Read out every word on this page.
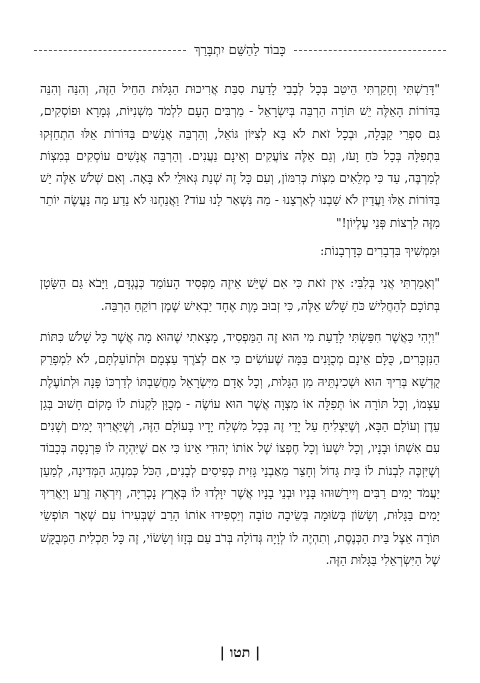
כָּבוֹד לַהַשֵּׁם יִתְבָּרַךְ

"דָּרַשְׁתִּי וְחָקַרְתִּי הֵיטֵב בְּכָל לְבָבִי לָדַעַת סִבַּת אֲרִיכוּת הַגָּלוּת הַחֵיל הַזֶּה, וְהִנֵּה וְהִנֵּה בַּדּוֹרוֹת הָאֵלֶּה יֵשׁ תּוֹרָה הַרְבֵּה בְּיִשְׂרָאֵל - מַרְבִּים הָעָם לִלְמֹד מִשְׁנִיּוֹת, גְּמָרָא וּפוֹסְקִים, גַּם סִפְרֵי קַבָּלָה, וּבְכָל זֹאת לֹא בָּא לְצִיּוֹן גּוֹאֵל, וְהַרְבֵּה אֲנָשִׁים בַּדּוֹרוֹת אֵלּוּ הִתְחַזְּקוּ בִּתְפִלָּה בְּכָל כֹּחַ וָעֹז, וְגַם אֵלֶּה צוֹעֲקִים וְאֵינָם נַעֲנִים. וְהַרְבֵּה אֲנָשִׁים עוֹסְקִים בְּמִצְוֹת לְמַרְבֶּה, עַד כִּי מְלֵאִים מִצְוֹת כְּרִמּוֹן, וְעִם כָּל זֶה שְׁנַת גְּאוּלֵי לֹא בָּאָה. וְאִם שְׁלֹשׁ אֵלֶּה יֵשׁ בַּדּוֹרוֹת אֵלּוּ וַעֲדַיִן לֹא שַׁבְנוּ לְאַרְצֵנוּ - מַה נִּשְׁאַר לָנוּ עוֹד? וַאֲנַחְנוּ לֹא נֵדַע מַה נַּעֲשֶׂה יוֹתֵר מִזֶּה לִרְצוֹת פְּנֵי עֶלְיוֹן!"

וּמַמְשִׁיךְ בִּדְבָרִים כְּדָרְבָנוֹת:

"וְאָמַרְתִּי אֲנִי בְּלִבִּי: אֵין זֹאת כִּי אִם שֶׁיֵּשׁ אֵיזֶה מַפְסִיד הָעוֹמֵד כְּנֶגְדָּם, וַיָּבֹא גַּם הַשָּׂטָן בְּתוֹכָם לְהַחֲלִישׁ כֹּחַ שָׁלֹשׁ אֵלֶּה, כִּי זְבוּב מָוֶת אֶחָד יַבְאִישׁ שֶׁמֶן רוֹקֵחַ הַרְבֵּה.

"וִיְהִי כַּאֲשֶׁר חִפַּשְׂתִּי לָדַעַת מִי הוּא זֶה הַמַּפְסִיד, מָצָאתִי שֶׁהוּא מָה אֲשֶׁר כָּל שָׁלֹשׁ כִּתּוֹת הַנִּזְכָּרִים, כֻּלָּם אֵינָם מְכֻוָּנִים בַּמָּה שֶׁעוֹשִׂים כִּי אִם לְצֹרֶךְ עַצְמָם וּלְתוֹעַלְתָּם, לֹא לִמְפָרֵק קֻדְשָׁא בְּרִיךְ הוּא וּשְׁכִינְתֵּיהּ מִן הַגָּלוּת, וְכָל אָדָם מִיִּשְׂרָאֵל מַחֲשַׁבְתּוֹ לְדַרְכּוֹ פָּנָה וּלְתוֹעֶלֶת עַצְמוֹ, וְכָל תּוֹרָה אוֹ תְּפִלָּה אוֹ מִצְוָה אֲשֶׁר הוּא עוֹשֶׂה - מְכֻוָּן לִקְנוֹת לוֹ מָקוֹם חָשׁוּב בְּגַן עֵדֶן וְעוֹלָם הַבָּא, וְשֶׁיַּצְלִיחַ עַל יָדֵי זֶה בְּכָל מִשְׁלַח יָדָיו בָּעוֹלָם הַזֶּה, וְשֶׁיַּאֲרִיךְ יָמִים וְשָׁנִים עִם אִשְׁתּוֹ וּבָנָיו, וְכָל יִשְׁעוֹ וְכָל חֶפְצוֹ שֶׁל אוֹתוֹ יְהוּדִי אֵינוֹ כִּי אִם שֶׁיִּהְיֶה לוֹ פַּרְנָסָה בְּכָבוֹד וְשֶׁיִּזְכֶּה לִבְנוֹת לוֹ בַּיִת גָּדוֹל וְחָצֵר מֵאַבְנֵי גָּזִית כְּפִיסִים לְבָנִים, הַכֹּל כְּמִנְהַג הַמְּדִינָה, לְמַעַן יַעֲמֹד יָמִים רַבִּים וְיִירָשׁוּהוּ בָּנָיו וּבְנֵי בָנָיו אֲשֶׁר יִוָּלְדוּ לוֹ בְּאֶרֶץ נָכְרִיָּה, וְיִרְאֶה זֶרַע וְיַאֲרִיךְ יָמִים בַּגָּלוּת, וְשָׂשׂוֹן בְּשׂוּמָה בְּשֵׂיבָה טוֹבָה וְיַסְפִּידוּ אוֹתוֹ הָרַב שֶׁבְּעִירוֹ עִם שְׁאָר תּוֹפְשֵׂי תּוֹרָה אֵצֶל בֵּית הַכְּנֶסֶת, וְתִהְיֶה לוֹ לְוָיָה גְּדוֹלָה בְּרֹב עַם בְּזָזוֹ וְשַׂשׂוֹי, זֶה כָּל תַּכְלִית הַמְּבֻקָּשׁ שֶׁל הַיִּשְׂרְאֵלִי בַּגָּלוּת הַזֶּה.

| תטו |
